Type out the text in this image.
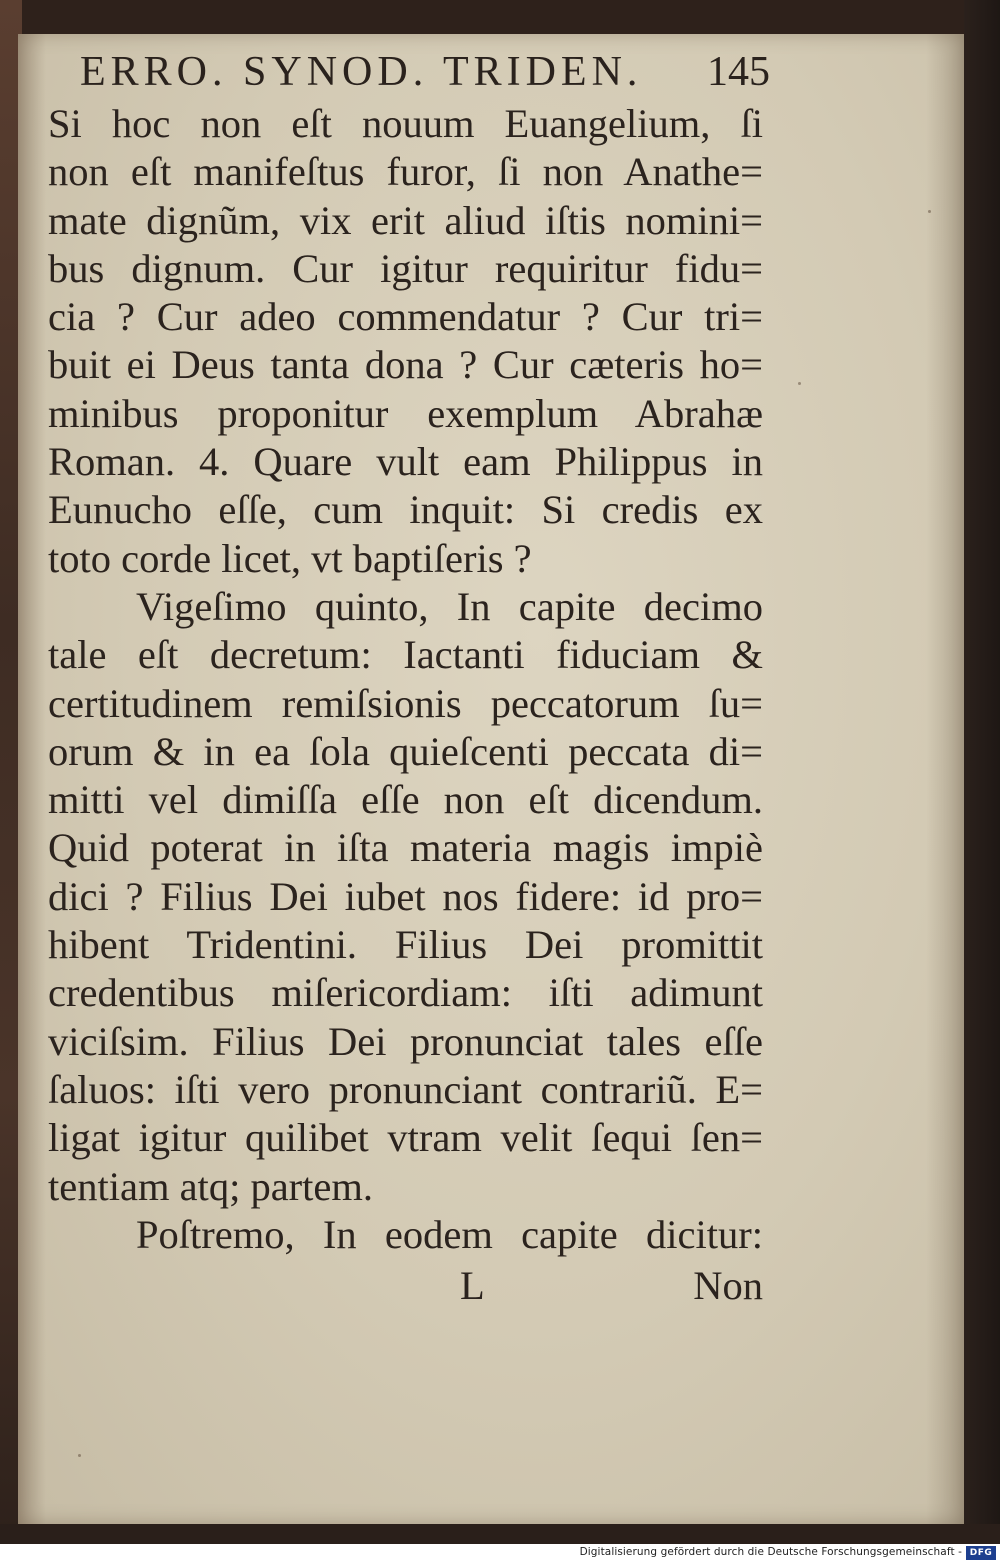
ERRO. SYNOD. TRIDEN. 145
Si hoc non eſt nouum Euangelium, ſi
non eſt manifeſtus furor, ſi non Anathe=
mate dignũm, vix erit aliud iſtis nomini=
bus dignum. Cur igitur requiritur fidu=
cia ? Cur adeo commendatur ? Cur tri=
buit ei Deus tanta dona ? Cur cæteris ho=
minibus proponitur exemplum Abrahæ
Roman. 4. Quare vult eam Philippus in
Eunucho eſſe, cum inquit: Si credis ex
toto corde licet, vt baptiſeris ?
Vigeſimo quinto, In capite decimo
tale eſt decretum: Iactanti fiduciam &
certitudinem remiſsionis peccatorum ſu=
orum & in ea ſola quieſcenti peccata di=
mitti vel dimiſſa eſſe non eſt dicendum.
Quid poterat in iſta materia magis impiè
dici ? Filius Dei iubet nos fidere: id pro=
hibent Tridentini. Filius Dei promittit
credentibus miſericordiam: iſti adimunt
viciſsim. Filius Dei pronunciat tales eſſe
ſaluos: iſti vero pronunciant contrariũ. E=
ligat igitur quilibet vtram velit ſequi ſen=
tentiam atq; partem.
Poſtremo, In eodem capite dicitur:
L	Non
Digitalisierung gefördert durch die Deutsche Forschungsgemeinschaft - DFG
